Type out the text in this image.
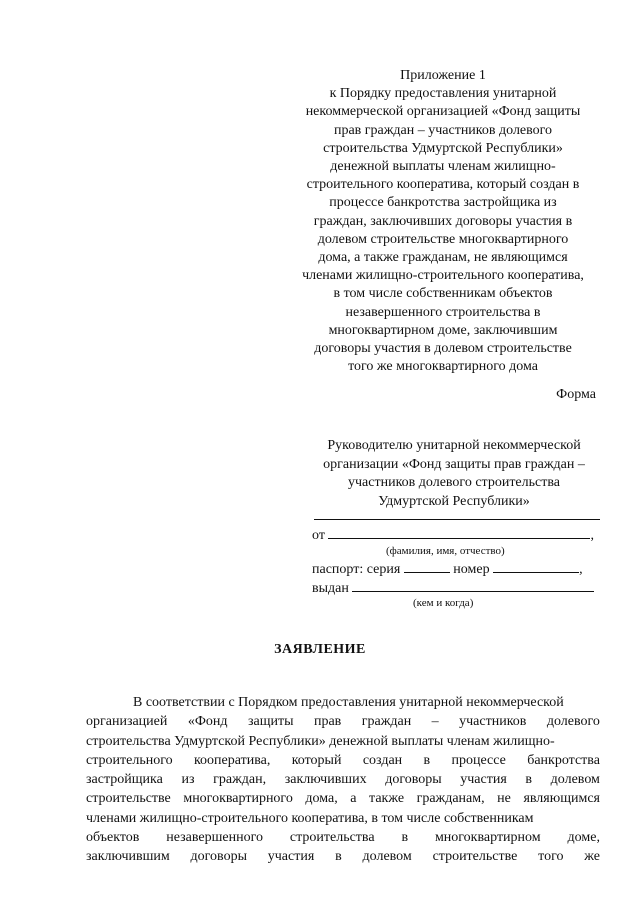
Приложение 1
к Порядку предоставления унитарной
некоммерческой организацией «Фонд защиты
прав граждан – участников долевого
строительства Удмуртской Республики»
денежной выплаты членам жилищно-
строительного кооператива, который создан в
процессе банкротства застройщика из
граждан, заключивших договоры участия в
долевом строительстве многоквартирного
дома, а также гражданам, не являющимся
членами жилищно-строительного кооператива,
в том числе собственникам объектов
незавершенного строительства в
многоквартирном доме, заключившим
договоры участия в долевом строительстве
того же многоквартирного дома
Форма
Руководителю унитарной некоммерческой
организации «Фонд защиты прав граждан –
участников долевого строительства
Удмуртской Республики»
от	,
(фамилия, имя, отчество)
паспорт: серия	номер	,
выдан
(кем и когда)
ЗАЯВЛЕНИЕ
В соответствии с Порядком предоставления унитарной некоммерческой
организацией «Фонд защиты прав граждан – участников долевого
строительства Удмуртской Республики» денежной выплаты членам жилищно-
строительного кооператива, который создан в процессе банкротства
застройщика из граждан, заключивших договоры участия в долевом
строительстве многоквартирного дома, а также гражданам, не являющимся
членами жилищно-строительного кооператива, в том числе собственникам
объектов незавершенного строительства в многоквартирном доме,
заключившим договоры участия в долевом строительстве того же
